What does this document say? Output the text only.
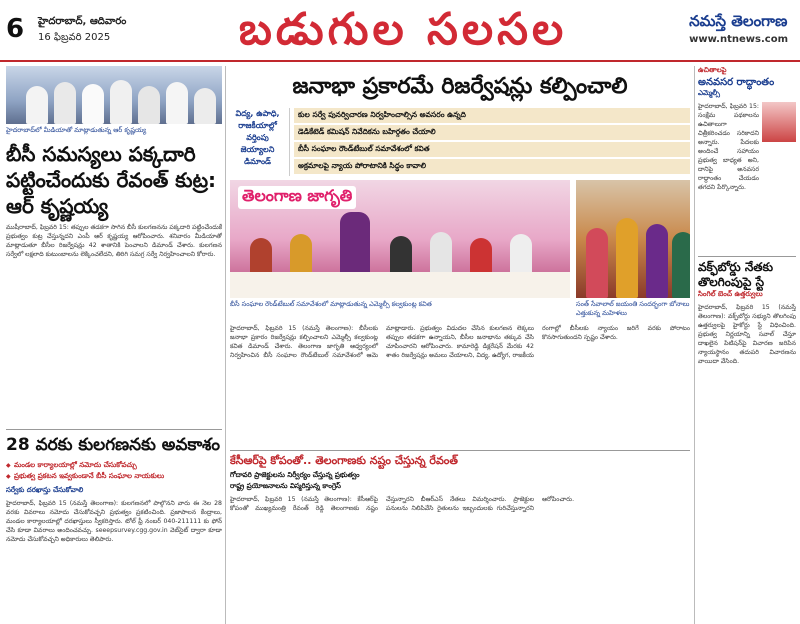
6 హైదరాబాద్, ఆదివారం
16 ఫిబ్రవరి 2025	బడుగుల సలసల	నమస్తే తెలంగాణ
www.ntnews.com
హైదరాబాద్‌లో మీడియాతో మాట్లాడుతున్న ఆర్ కృష్ణయ్య
బీసీ సమస్యలు పక్కదారి పట్టించేందుకు రేవంత్ కుట్ర: ఆర్ కృష్ణయ్య

ముషీరాబాద్, ఫిబ్రవరి 15: తప్పుల తడకగా సాగిన బీసీ కులగణనను పక్కదారి పట్టించేందుకే ప్రభుత్వం కుట్ర చేస్తున్నదని ఎంపీ ఆర్ కృష్ణయ్య ఆరోపించారు. శనివారం మీడియాతో మాట్లాడుతూ బీసీల రిజర్వేషన్లు 42 శాతానికి పెంచాలని డిమాండ్ చేశారు. కులగణన సర్వేలో లక్షలాది కుటుంబాలను లెక్కించలేదని, తిరిగి సమగ్ర సర్వే నిర్వహించాలని కోరారు.

28 వరకు కులగణనకు అవకాశం
◆ మండల కార్యాలయాల్లో నమోదు చేసుకోవచ్చు
◆ ప్రభుత్వ ప్రకటన ఇవ్వకుండానే బీసీ సంఘాల నాయకులు
సర్వేకు దరఖాస్తు చేసుకోవాలి

హైదరాబాద్, ఫిబ్రవరి 15 (నమస్తే తెలంగాణ): కులగణనలో పాల్గొనని వారు ఈ నెల 28 వరకు వివరాలు నమోదు చేసుకోవచ్చని ప్రభుత్వం ప్రకటించింది. ప్రజాపాలన కేంద్రాలు, మండల కార్యాలయాల్లో దరఖాస్తులు స్వీకరిస్తారు. టోల్ ఫ్రీ నంబర్ 040-211111 కు ఫోన్ చేసి కూడా వివరాలు అందించవచ్చు. seeepsurvey.cgg.gov.in వెబ్‌సైట్ ద్వారా కూడా నమోదు చేసుకోవచ్చని అధికారులు తెలిపారు.

జనాభా ప్రకారమే రిజర్వేషన్లు కల్పించాలి
విద్య, ఉపాధి, రాజకీయాల్లో వర్తింపు జెయ్యాలని డిమాండ్
కుల సర్వే పునర్విచారణ నిర్వహించాల్సిన అవసరం ఉన్నది
డెడికేటెడ్ కమిషన్ నివేదికను బహిర్గతం చేయాలి
బీసీ సంఘాల రౌండ్‌టేబుల్ సమావేశంలో కవిత
అక్రమాలపై న్యాయ పోరాటానికి సిద్ధం కావాలి
తెలంగాణ జాగృతి
బీసీ సంఘాల రౌండ్‌టేబుల్ సమావేశంలో మాట్లాడుతున్న ఎమ్మెల్సీ కల్వకుంట్ల కవిత	సంత్ సేవాలాల్ జయంతి సందర్భంగా బోనాలు ఎత్తుకున్న మహిళలు

హైదరాబాద్, ఫిబ్రవరి 15 (నమస్తే తెలంగాణ): బీసీలకు జనాభా ప్రకారం రిజర్వేషన్లు కల్పించాలని ఎమ్మెల్సీ కల్వకుంట్ల కవిత డిమాండ్ చేశారు. తెలంగాణ జాగృతి ఆధ్వర్యంలో నిర్వహించిన బీసీ సంఘాల రౌండ్‌టేబుల్ సమావేశంలో ఆమె మాట్లాడారు. ప్రభుత్వం విడుదల చేసిన కులగణన లెక్కలు తప్పుల తడకగా ఉన్నాయని, బీసీల జనాభాను తక్కువ చేసి చూపించారని ఆరోపించారు. కామారెడ్డి డిక్లరేషన్ మేరకు 42 శాతం రిజర్వేషన్లు అమలు చేయాలని, విద్య, ఉద్యోగ, రాజకీయ రంగాల్లో బీసీలకు న్యాయం జరిగే వరకు పోరాటం కొనసాగుతుందని స్పష్టం చేశారు.

కేసీఆర్‌పై కోపంతో.. తెలంగాణకు నష్టం చేస్తున్న రేవంత్
గోదావరి ప్రాజెక్టులను నిర్వీర్యం చేస్తున్న ప్రభుత్వం
రాష్ట్ర ప్రయోజనాలను విస్మరిస్తున్న కాంగ్రెస్

హైదరాబాద్, ఫిబ్రవరి 15 (నమస్తే తెలంగాణ): కేసీఆర్‌పై కోపంతో ముఖ్యమంత్రి రేవంత్ రెడ్డి తెలంగాణకు నష్టం చేస్తున్నారని బీఆర్ఎస్ నేతలు విమర్శించారు. ప్రాజెక్టుల పనులను నిలిపివేసి రైతులను ఇబ్బందులకు గురిచేస్తున్నారని ఆరోపించారు.

ఉచితాలపై
అనవసర రాద్ధాంతం
ఎమ్మెల్సీ

హైదరాబాద్, ఫిబ్రవరి 15: సంక్షేమ పథకాలను ఉచితాలుగా చిత్రీకరించడం సరికాదని అన్నారు. పేదలకు అందించే సహాయం ప్రభుత్వ బాధ్యత అని, దానిపై అనవసర రాద్ధాంతం చేయడం తగదని పేర్కొన్నారు.

వక్ఫ్‌బోర్డు నేతకు తొలగింపుపై స్టే
సింగిల్ బెంచ్ ఉత్తర్వులు

హైదరాబాద్, ఫిబ్రవరి 15 (నమస్తే తెలంగాణ): వక్ఫ్‌బోర్డు సభ్యుని తొలగింపు ఉత్తర్వులపై హైకోర్టు స్టే విధించింది. ప్రభుత్వ నిర్ణయాన్ని సవాల్ చేస్తూ దాఖలైన పిటిషన్‌పై విచారణ జరిపిన న్యాయస్థానం తదుపరి విచారణను వాయిదా వేసింది.
